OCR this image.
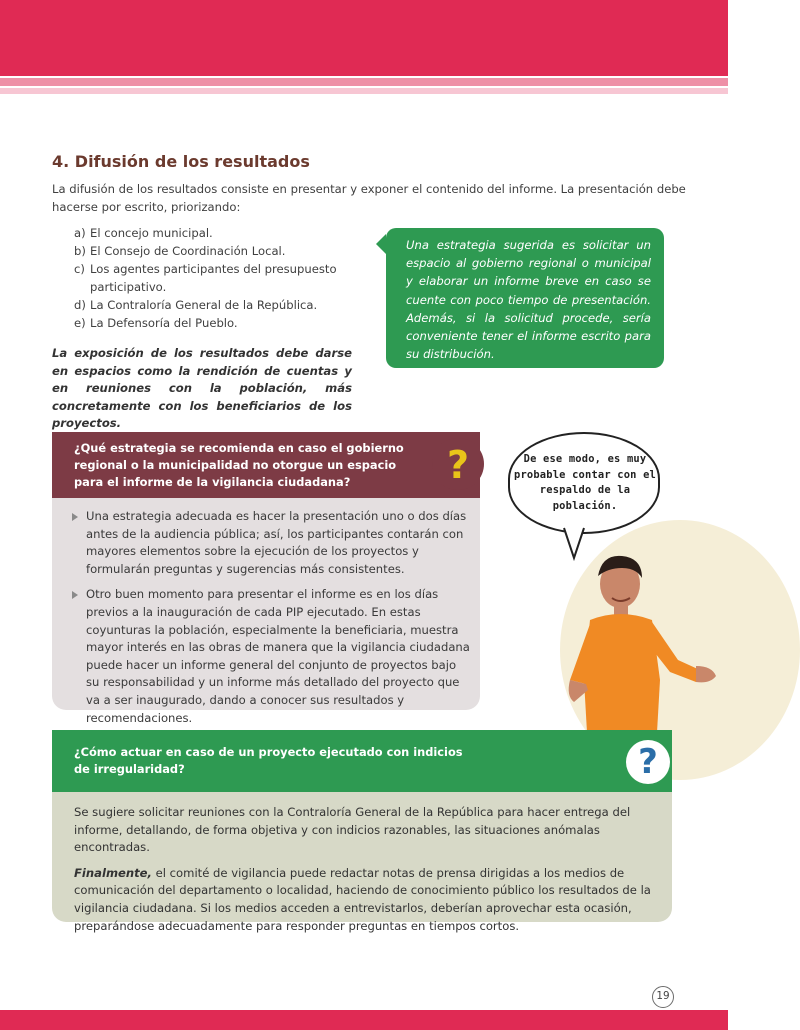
4. Difusión de los resultados

La difusión de los resultados consiste en presentar y exponer el contenido del informe. La presentación debe hacerse por escrito, priorizando:

a) El concejo municipal.
b) El Consejo de Coordinación Local.
c) Los agentes participantes del presupuesto participativo.
d) La Contraloría General de la República.
e) La Defensoría del Pueblo.

La exposición de los resultados debe darse en espacios como la rendición de cuentas y en reuniones con la población, más concretamente con los beneficiarios de los proyectos.

Una estrategia sugerida es solicitar un espacio al gobierno regional o municipal y elaborar un informe breve en caso se cuente con poco tiempo de presentación. Además, si la solicitud procede, sería conveniente tener el informe escrito para su distribución.

¿Qué estrategia se recomienda en caso el gobierno regional o la municipalidad no otorgue un espacio para el informe de la vigilancia ciudadana?	?
Una estrategia adecuada es hacer la presentación uno o dos días antes de la audiencia pública; así, los participantes contarán con mayores elementos sobre la ejecución de los proyectos y formularán preguntas y sugerencias más consistentes.
Otro buen momento para presentar el informe es en los días previos a la inauguración de cada PIP ejecutado. En estas coyunturas la población, especialmente la beneficiaria, muestra mayor interés en las obras de manera que la vigilancia ciudadana puede hacer un informe general del conjunto de proyectos bajo su responsabilidad y un informe más detallado del proyecto que va a ser inaugurado, dando a conocer sus resultados y recomendaciones.

De ese modo, es muy probable contar con el respaldo de la población.

¿Cómo actuar en caso de un proyecto ejecutado con indicios de irregularidad?	?

Se sugiere solicitar reuniones con la Contraloría General de la República para hacer entrega del informe, detallando, de forma objetiva y con indicios razonables, las situaciones anómalas encontradas.

Finalmente, el comité de vigilancia puede redactar notas de prensa dirigidas a los medios de comunicación del departamento o localidad, haciendo de conocimiento público los resultados de la vigilancia ciudadana. Si los medios acceden a entrevistarlos, deberían aprovechar esta ocasión, preparándose adecuadamente para responder preguntas en tiempos cortos.

19
